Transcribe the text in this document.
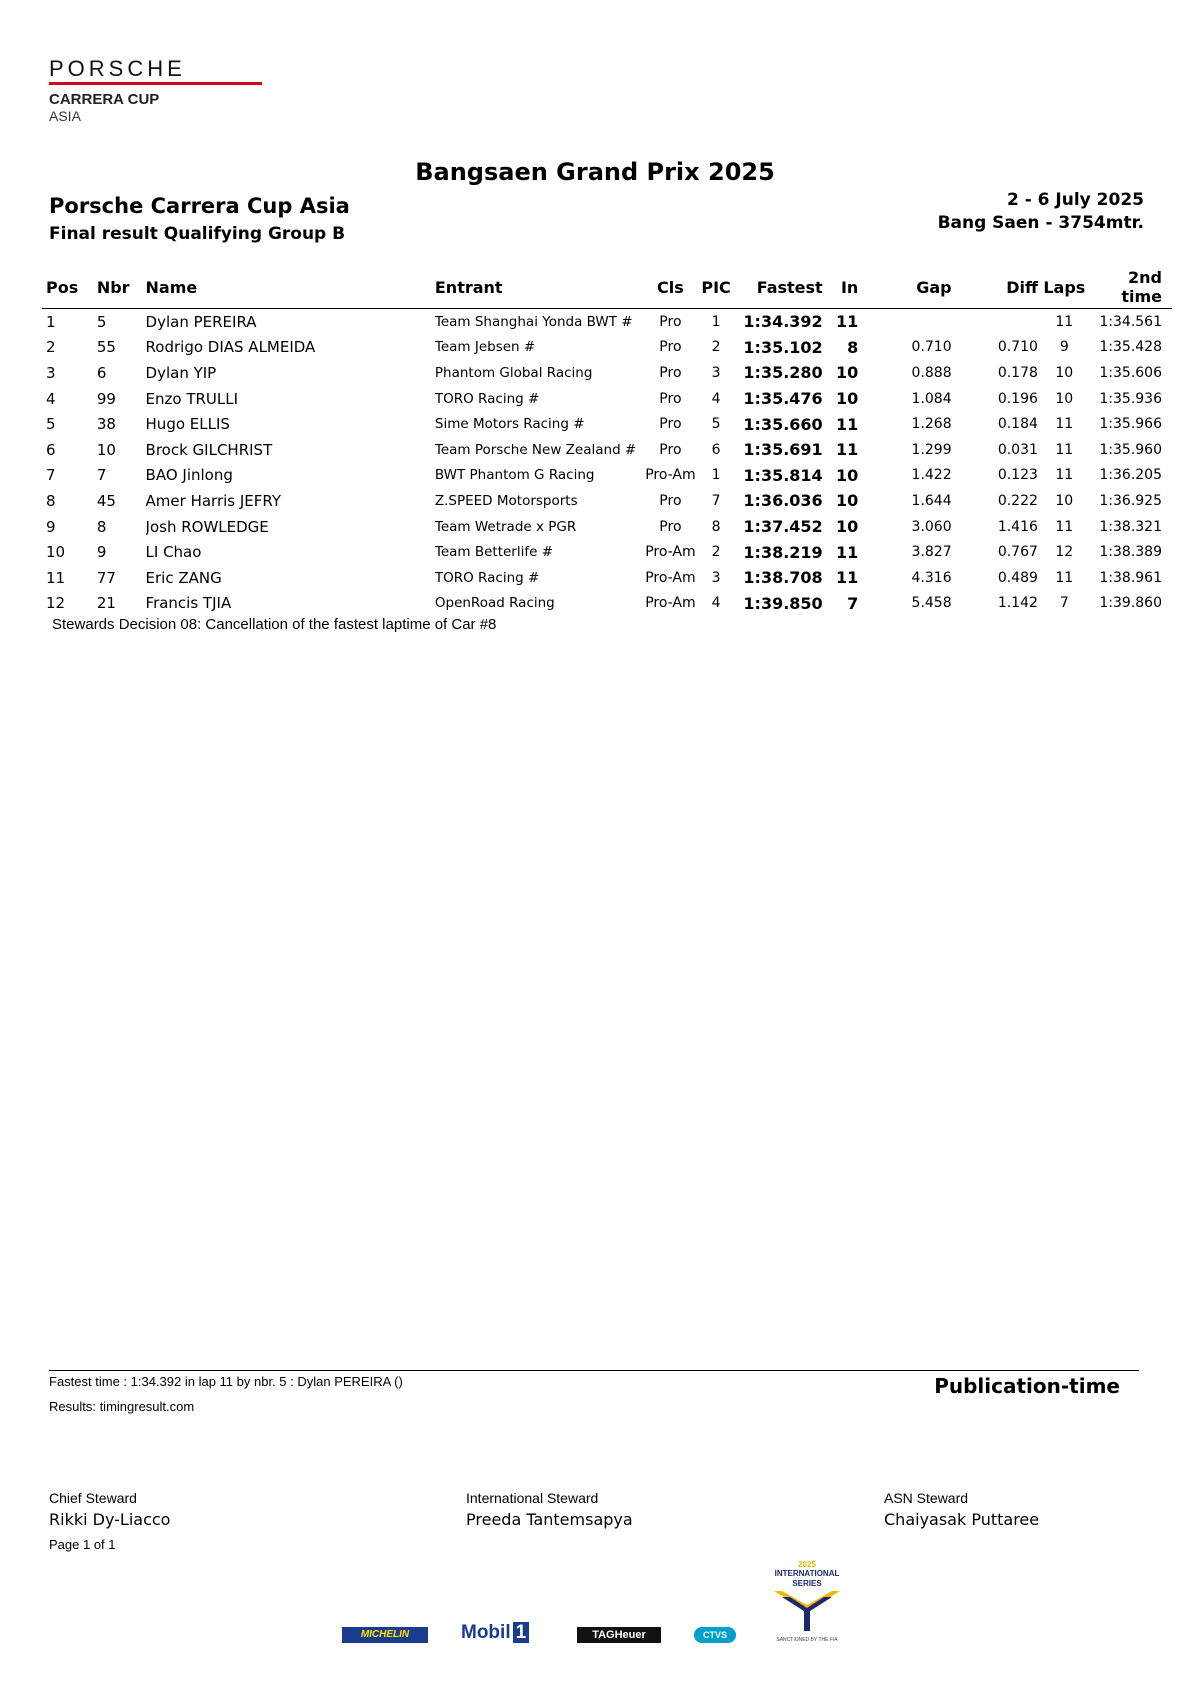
PORSCHE
CARRERA CUP
ASIA
Bangsaen Grand Prix 2025
Porsche Carrera Cup Asia
Final result Qualifying Group B
2 - 6 July 2025
Bang Saen - 3754mtr.
Pos	Nbr	Name	Entrant	Cls	PIC	Fastest	In	Gap	Diff	Laps	2nd time
1	5	Dylan PEREIRA	Team Shanghai Yonda BWT #	Pro	1	1:34.392	11			11	1:34.561
2	55	Rodrigo DIAS ALMEIDA	Team Jebsen #	Pro	2	1:35.102	8	0.710	0.710	9	1:35.428
3	6	Dylan YIP	Phantom Global Racing	Pro	3	1:35.280	10	0.888	0.178	10	1:35.606
4	99	Enzo TRULLI	TORO Racing #	Pro	4	1:35.476	10	1.084	0.196	10	1:35.936
5	38	Hugo ELLIS	Sime Motors Racing #	Pro	5	1:35.660	11	1.268	0.184	11	1:35.966
6	10	Brock GILCHRIST	Team Porsche New Zealand #	Pro	6	1:35.691	11	1.299	0.031	11	1:35.960
7	7	BAO Jinlong	BWT Phantom G Racing	Pro-Am	1	1:35.814	10	1.422	0.123	11	1:36.205
8	45	Amer Harris JEFRY	Z.SPEED Motorsports	Pro	7	1:36.036	10	1.644	0.222	10	1:36.925
9	8	Josh ROWLEDGE	Team Wetrade x PGR	Pro	8	1:37.452	10	3.060	1.416	11	1:38.321
10	9	LI Chao	Team Betterlife #	Pro-Am	2	1:38.219	11	3.827	0.767	12	1:38.389
11	77	Eric ZANG	TORO Racing #	Pro-Am	3	1:38.708	11	4.316	0.489	11	1:38.961
12	21	Francis TJIA	OpenRoad Racing	Pro-Am	4	1:39.850	7	5.458	1.142	7	1:39.860
Stewards Decision 08: Cancellation of the fastest laptime of Car #8
Fastest time : 1:34.392 in lap 11 by nbr. 5 : Dylan PEREIRA ()
Results: timingresult.com
Publication-time
Chief Steward
Rikki Dy-Liacco
International Steward
Preeda Tantemsapya
ASN Steward
Chaiyasak Puttaree
Page 1 of 1
MICHELIN	Mobil 1	TAGHeuer	CTVS
2025
INTERNATIONAL SERIES
SANCTIONED BY THE FIA
